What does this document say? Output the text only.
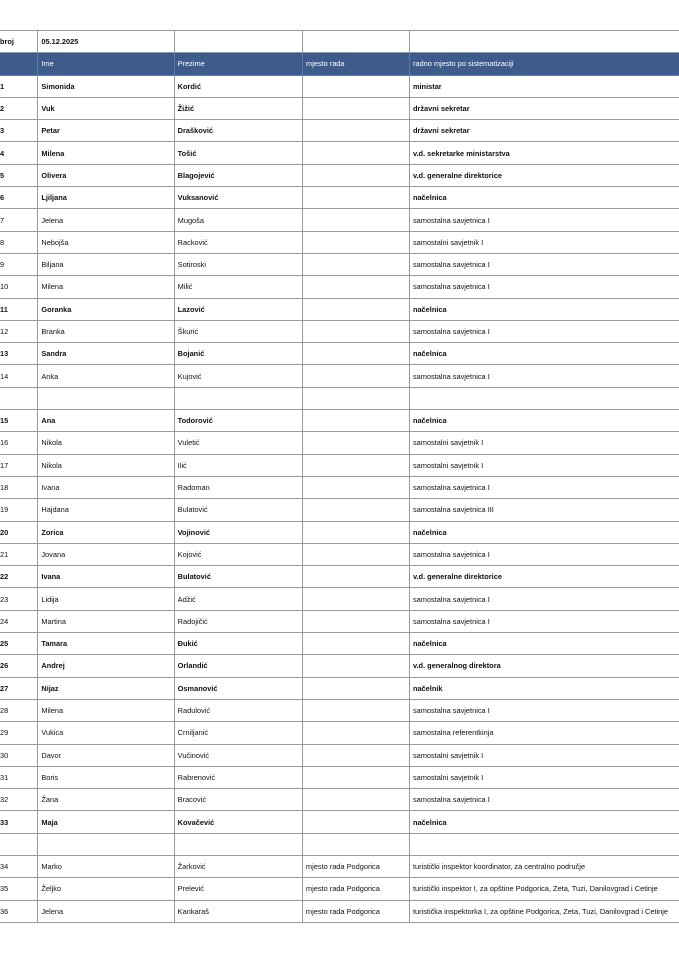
broj	05.12.2025			
	Ime	Prezime	mjesto rada	radno mjesto po sistematizaciji
1	Simonida	Kordić		ministar
2	Vuk	Žižić		državni sekretar
3	Petar	Drašković		državni sekretar
4	Milena	Tošić		v.d. sekretarke ministarstva
5	Olivera	Blagojević		v.d. generalne direktorice
6	Ljiljana	Vuksanović		načelnica
7	Jelena	Mugoša		samostalna savjetnica I
8	Nebojša	Racković		samostalni savjetnik I
9	Biljana	Sotiroski		samostalna savjetnica I
10	Milena	Milić		samostalna savjetnica I
11	Goranka	Lazović		načelnica
12	Branka	Škurić		samostalna savjetnica I
13	Sandra	Bojanić		načelnica
14	Anka	Kujović		samostalna savjetnica I

15	Ana	Todorović		načelnica
16	Nikola	Vuletić		samostalni savjetnik I
17	Nikola	Ilić		samostalni savjetnik I
18	Ivana	Radoman		samostalna savjetnica I
19	Hajdana	Bulatović		samostalna savjetnica III
20	Zorica	Vojinović		načelnica
21	Jovana	Kojović		samostalna savjetnica I
22	Ivana	Bulatović		v.d. generalne direktorice
23	Lidija	Adžić		samostalna savjetnica I
24	Martina	Radojičić		samostalna savjetnica I
25	Tamara	Đukić		načelnica
26	Andrej	Orlandić		v.d. generalnog direktora
27	Nijaz	Osmanović		načelnik
28	Milena	Radulović		samostalna savjetnica I
29	Vukica	Crniljanić		samostalna referentkinja
30	Davor	Vučinović		samostalni savjetnik I
31	Boris	Rabrenović		samostalni savjetnik I
32	Žana	Bracović		samostalna savjetnica I
33	Maja	Kovačević		načelnica

34	Marko	Žarković	mjesto rada Podgorica	turistički inspektor koordinator, za centralno područje
35	Željko	Prelević	mjesto rada Podgorica	turistički inspektor I, za opštine Podgorica, Zeta, Tuzi, Danilovgrad i Cetinje
36	Jelena	Kankaraš	mjesto rada Podgorica	turistička inspektorka I, za opštine Podgorica, Zeta, Tuzi, Danilovgrad i Cetinje
